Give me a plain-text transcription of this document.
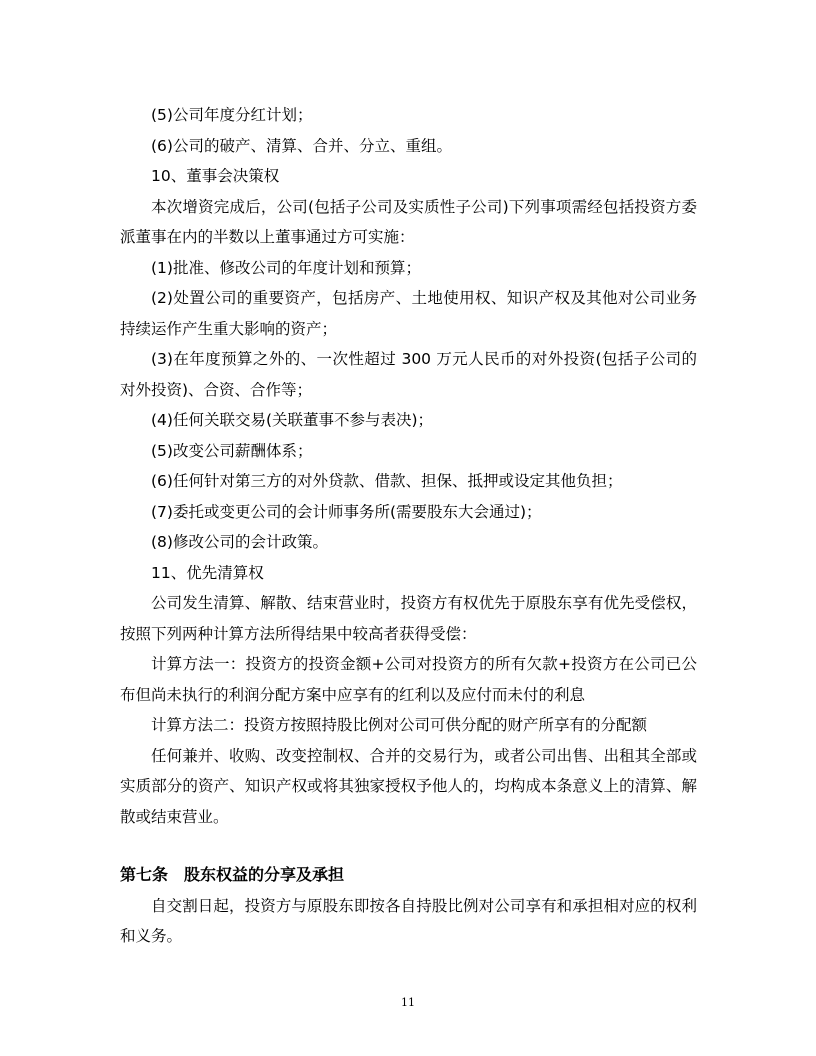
(5)公司年度分红计划；

(6)公司的破产、清算、合并、分立、重组。

10、董事会决策权

本次增资完成后，公司(包括子公司及实质性子公司)下列事项需经包括投资方委派董事在内的半数以上董事通过方可实施：

(1)批准、修改公司的年度计划和预算；

(2)处置公司的重要资产，包括房产、土地使用权、知识产权及其他对公司业务持续运作产生重大影响的资产；

(3)在年度预算之外的、一次性超过 300 万元人民币的对外投资(包括子公司的对外投资)、合资、合作等；

(4)任何关联交易(关联董事不参与表决)；

(5)改变公司薪酬体系；

(6)任何针对第三方的对外贷款、借款、担保、抵押或设定其他负担；

(7)委托或变更公司的会计师事务所(需要股东大会通过)；

(8)修改公司的会计政策。

11、优先清算权

公司发生清算、解散、结束营业时，投资方有权优先于原股东享有优先受偿权，按照下列两种计算方法所得结果中较高者获得受偿：

计算方法一：投资方的投资金额+公司对投资方的所有欠款+投资方在公司已公布但尚未执行的利润分配方案中应享有的红利以及应付而未付的利息

计算方法二：投资方按照持股比例对公司可供分配的财产所享有的分配额

任何兼并、收购、改变控制权、合并的交易行为，或者公司出售、出租其全部或实质部分的资产、知识产权或将其独家授权予他人的，均构成本条意义上的清算、解散或结束营业。

第七条 股东权益的分享及承担

自交割日起，投资方与原股东即按各自持股比例对公司享有和承担相对应的权利和义务。

11
